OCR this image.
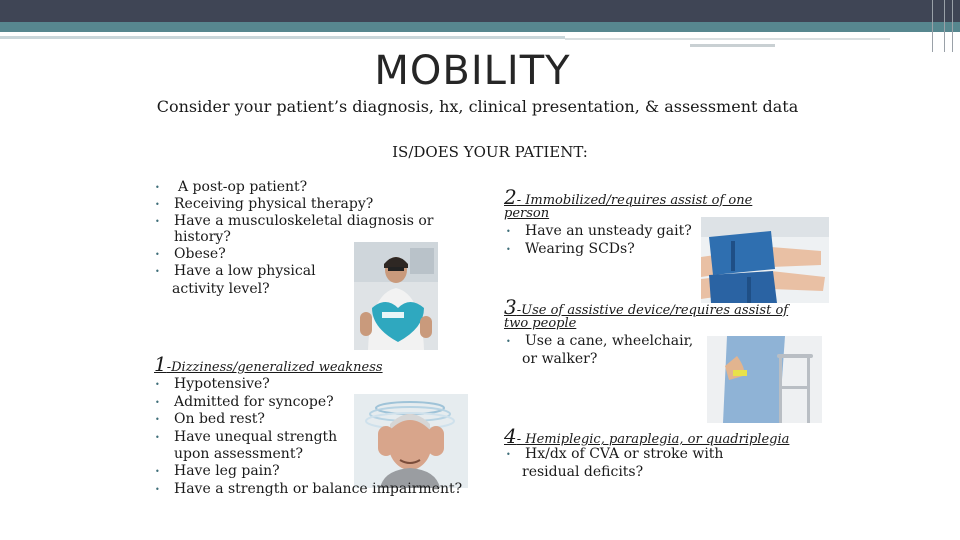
MOBILITY
Consider your patient’s diagnosis, hx, clinical presentation, & assessment data
IS/DOES YOUR PATIENT:
• A post-op patient?
• Receiving physical therapy?
• Have a musculoskeletal diagnosis or
history?
• Obese?
• Have a low physical
activity level?
1-Dizziness/generalized weakness
• Hypotensive?
• Admitted for syncope?
• On bed rest?
• Have unequal strength
upon assessment?
• Have leg pain?
• Have a strength or balance impairment?
2- Immobilized/requires assist of one
person
• Have an unsteady gait?
• Wearing SCDs?
3-Use of assistive device/requires assist of
two people
• Use a cane, wheelchair,
or walker?
4- Hemiplegic, paraplegia, or quadriplegia
• Hx/dx of CVA or stroke with
residual deficits?
